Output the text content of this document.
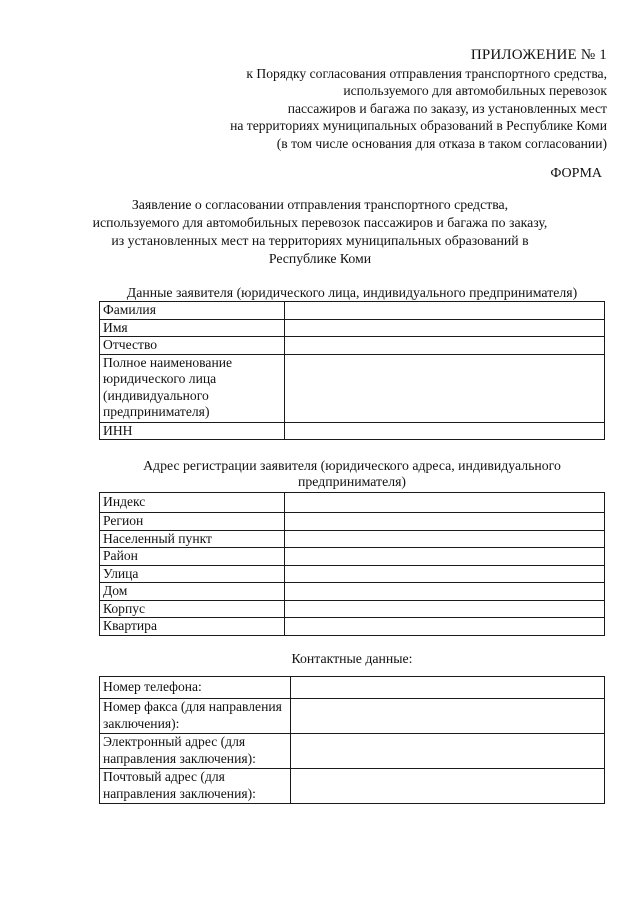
ПРИЛОЖЕНИЕ № 1
к Порядку согласования отправления транспортного средства,
используемого для автомобильных перевозок
пассажиров и багажа по заказу, из установленных мест
на территориях муниципальных образований в Республике Коми
(в том числе основания для отказа в таком согласовании)
ФОРМА
Заявление о согласовании отправления транспортного средства,
используемого для автомобильных перевозок пассажиров и багажа по заказу,
из установленных мест на территориях муниципальных образований в
Республике Коми
Данные заявителя (юридического лица, индивидуального предпринимателя)
Фамилия	
Имя	
Отчество	
Полное наименование юридического лица (индивидуального предпринимателя)	
ИНН	
Адрес регистрации заявителя (юридического адреса, индивидуального
предпринимателя)
Индекс	
Регион	
Населенный пункт	
Район	
Улица	
Дом	
Корпус	
Квартира	
Контактные данные:
Номер телефона:	
Номер факса (для направления заключения):	
Электронный адрес (для направления заключения):	
Почтовый адрес (для направления заключения):	
